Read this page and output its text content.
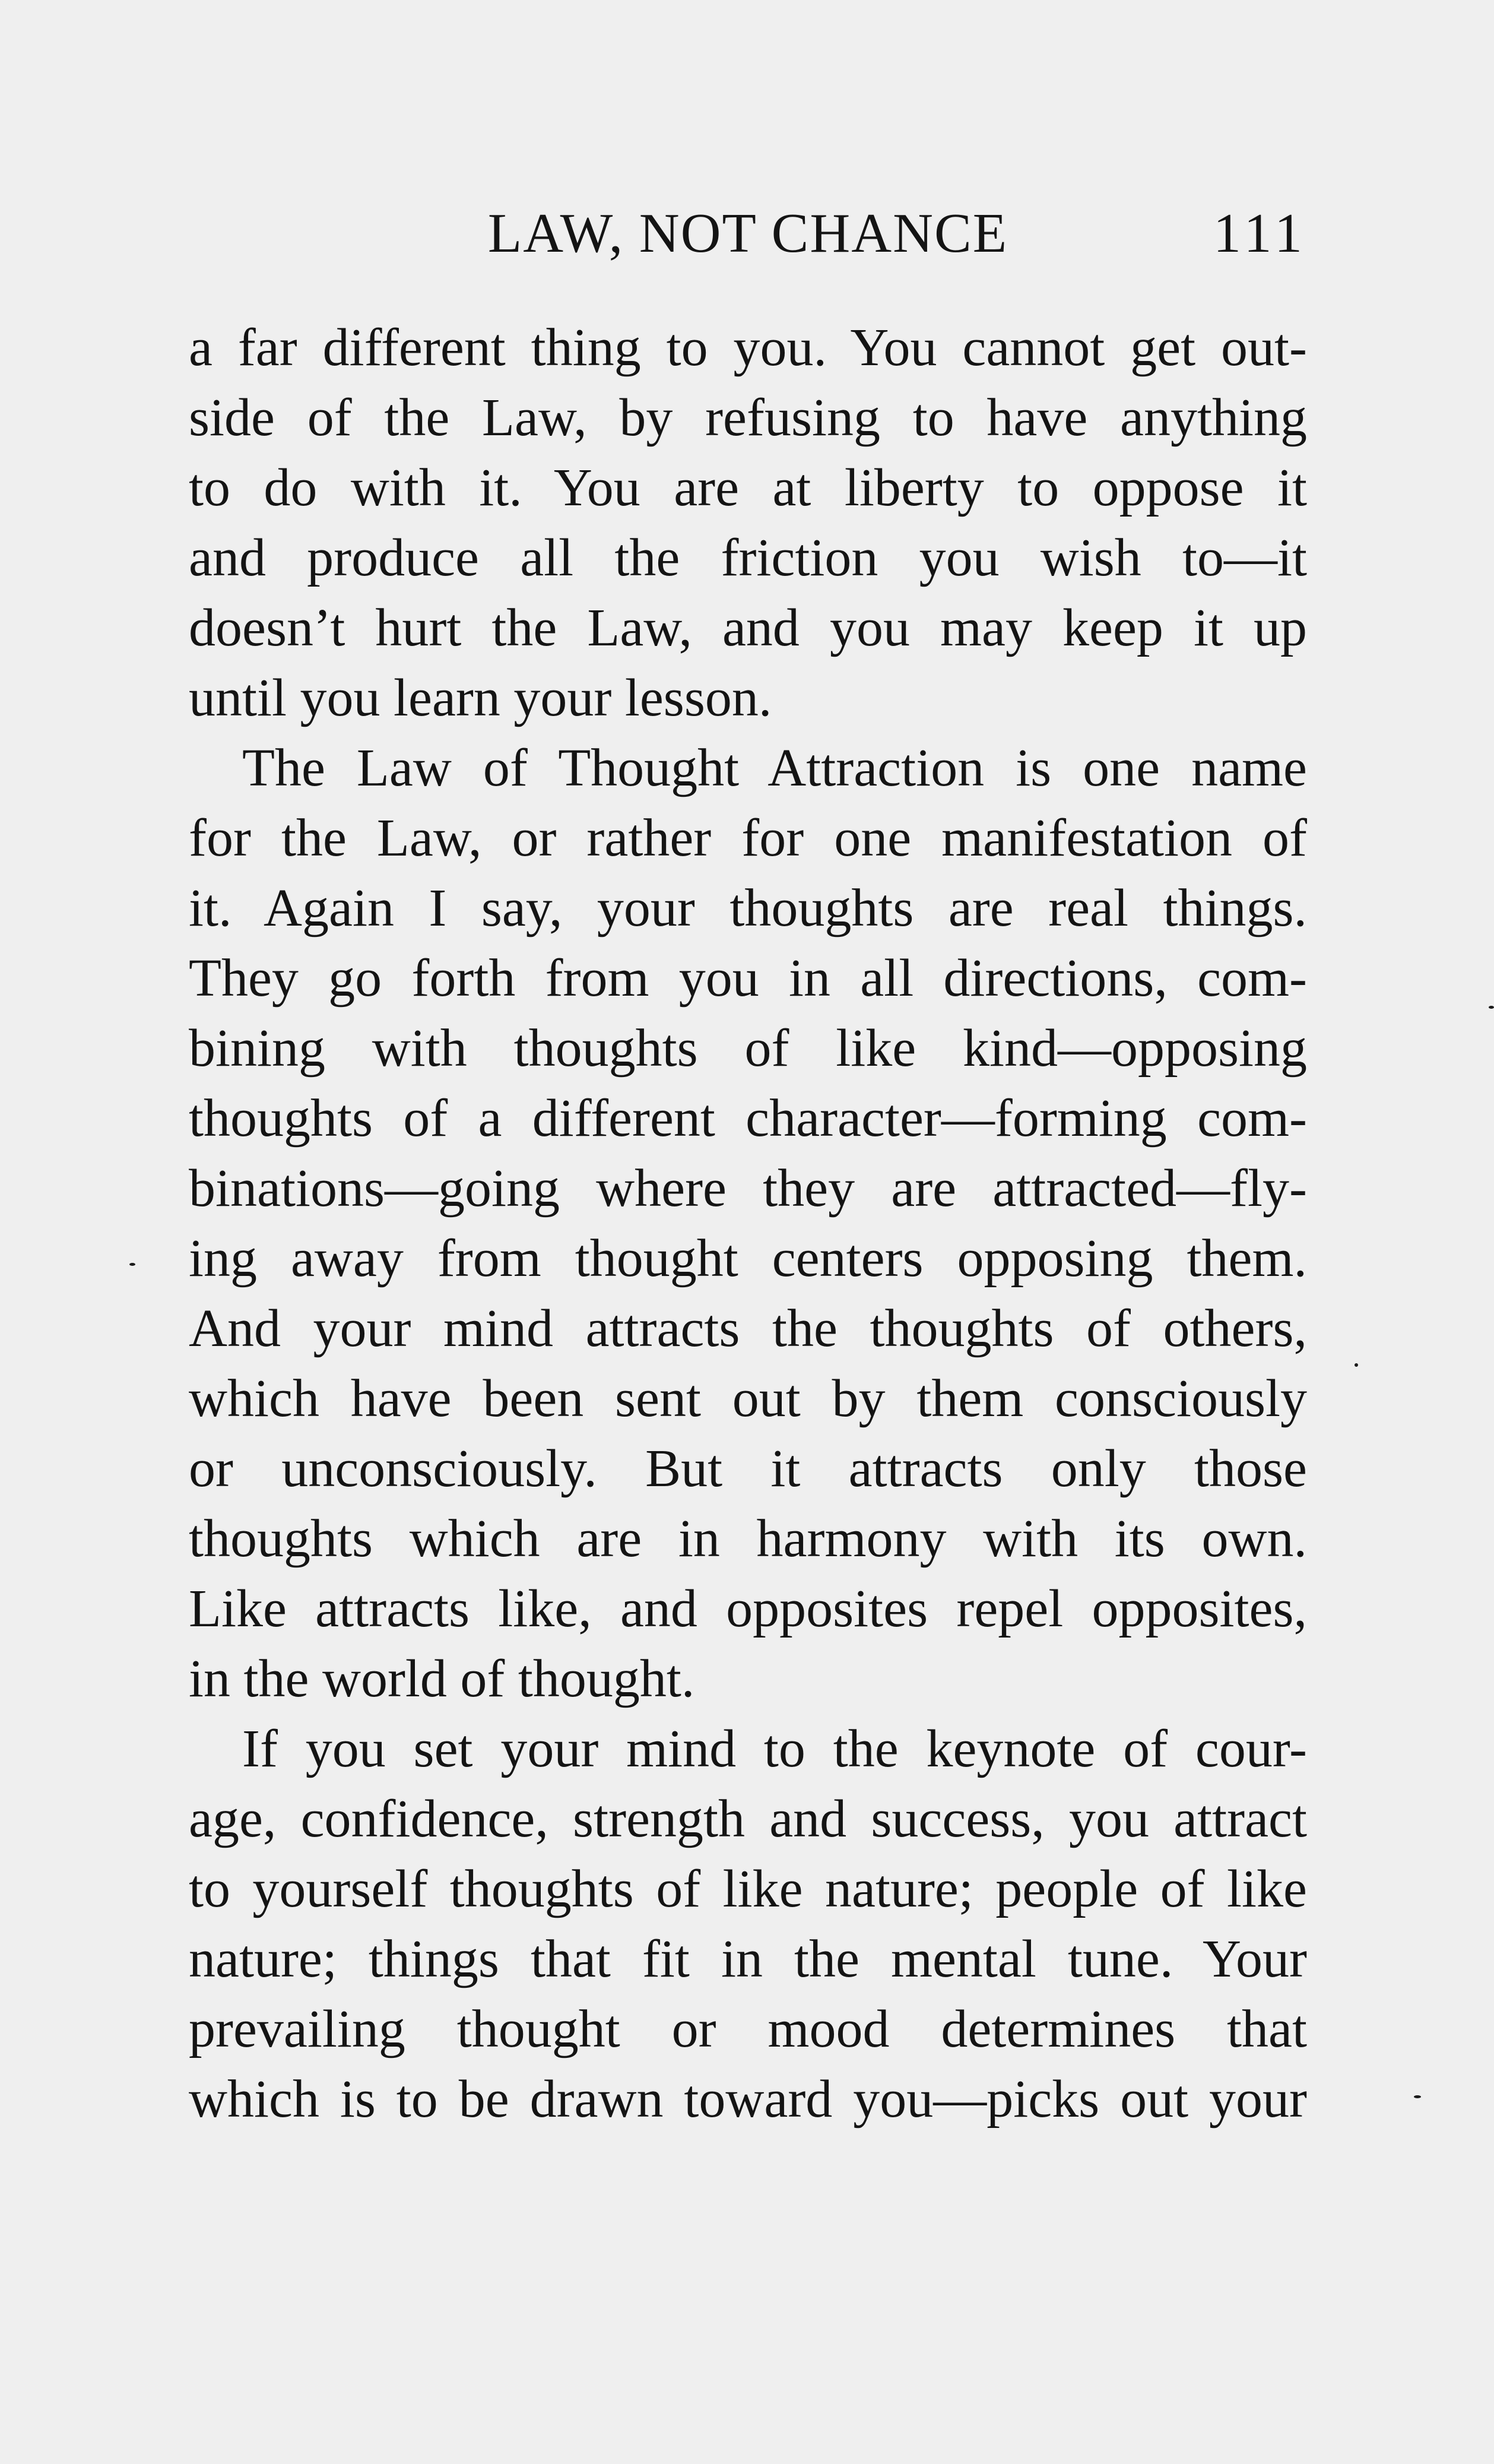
LAW, NOT CHANCE	111
a far different thing to you. You cannot get out-
side of the Law, by refusing to have anything
to do with it. You are at liberty to oppose it
and produce all the friction you wish to—it
doesn’t hurt the Law, and you may keep it up
until you learn your lesson.
The Law of Thought Attraction is one name
for the Law, or rather for one manifestation of
it. Again I say, your thoughts are real things.
They go forth from you in all directions, com-
bining with thoughts of like kind—opposing
thoughts of a different character—forming com-
binations—going where they are attracted—fly-
ing away from thought centers opposing them.
And your mind attracts the thoughts of others,
which have been sent out by them consciously
or unconsciously. But it attracts only those
thoughts which are in harmony with its own.
Like attracts like, and opposites repel opposites,
in the world of thought.
If you set your mind to the keynote of cour-
age, confidence, strength and success, you attract
to yourself thoughts of like nature; people of like
nature; things that fit in the mental tune. Your
prevailing thought or mood determines that
which is to be drawn toward you—picks out your
